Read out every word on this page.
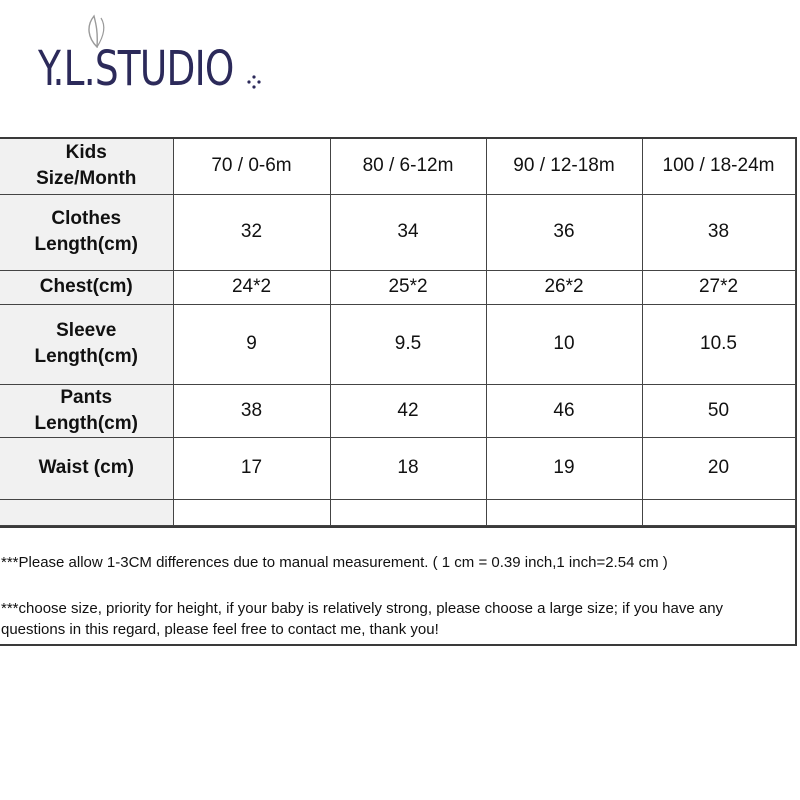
Y.L.STUDIO
Kids
Size/Month	70 / 0-6m	80 / 6-12m	90 / 12-18m	100 / 18-24m

Clothes
Length(cm)	32	34	36	38

Chest(cm)	24*2	25*2	26*2	27*2

Sleeve
Length(cm)	9	9.5	10	10.5

Pants
Length(cm)	38	42	46	50

Waist (cm)	17	18	19	20

***Please allow 1-3CM differences due to manual measurement. ( 1 cm = 0.39 inch,1 inch=2.54 cm )
***choose size, priority for height, if your baby is relatively strong, please choose a large size; if you have any questions in this regard, please feel free to contact me, thank you!
